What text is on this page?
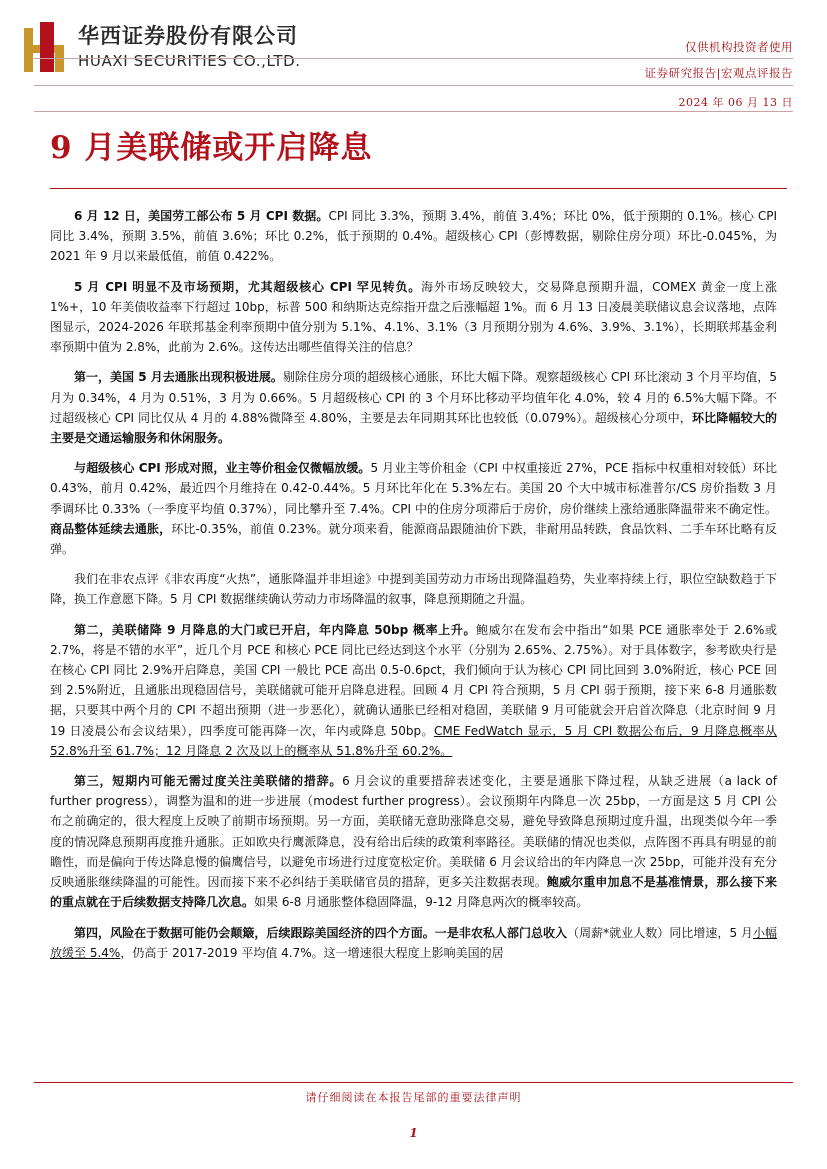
华西证券股份有限公司
HUAXI SECURITIES CO.,LTD.
仅供机构投资者使用
证券研究报告|宏观点评报告
2024 年 06 月 13 日
9 月美联储或开启降息

6 月 12 日，美国劳工部公布 5 月 CPI 数据。CPI 同比 3.3%，预期 3.4%，前值 3.4%；环比 0%，低于预期的 0.1%。核心 CPI 同比 3.4%，预期 3.5%，前值 3.6%；环比 0.2%，低于预期的 0.4%。超级核心 CPI（彭博数据，剔除住房分项）环比-0.045%，为 2021 年 9 月以来最低值，前值 0.422%。

5 月 CPI 明显不及市场预期，尤其超级核心 CPI 罕见转负。海外市场反映较大，交易降息预期升温，COMEX 黄金一度上涨 1%+，10 年美债收益率下行超过 10bp，标普 500 和纳斯达克综指开盘之后涨幅超 1%。而 6 月 13 日凌晨美联储议息会议落地，点阵图显示，2024-2026 年联邦基金利率预期中值分别为 5.1%、4.1%、3.1%（3 月预期分别为 4.6%、3.9%、3.1%），长期联邦基金利率预期中值为 2.8%，此前为 2.6%。这传达出哪些值得关注的信息？

第一，美国 5 月去通胀出现积极进展。剔除住房分项的超级核心通胀，环比大幅下降。观察超级核心 CPI 环比滚动 3 个月平均值，5 月为 0.34%，4 月为 0.51%，3 月为 0.66%。5 月超级核心 CPI 的 3 个月环比移动平均值年化 4.0%，较 4 月的 6.5%大幅下降。不过超级核心 CPI 同比仅从 4 月的 4.88%微降至 4.80%，主要是去年同期其环比也较低（0.079%）。超级核心分项中，环比降幅较大的主要是交通运输服务和休闲服务。

与超级核心 CPI 形成对照，业主等价租金仅微幅放缓。5 月业主等价租金（CPI 中权重接近 27%，PCE 指标中权重相对较低）环比 0.43%，前月 0.42%，最近四个月维持在 0.42-0.44%。5 月环比年化在 5.3%左右。美国 20 个大中城市标准普尔/CS 房价指数 3 月季调环比 0.33%（一季度平均值 0.37%），同比攀升至 7.4%。CPI 中的住房分项滞后于房价，房价继续上涨给通胀降温带来不确定性。商品整体延续去通胀，环比-0.35%，前值 0.23%。就分项来看，能源商品跟随油价下跌，非耐用品转跌，食品饮料、二手车环比略有反弹。

我们在非农点评《非农再度“火热”，通胀降温并非坦途》中提到美国劳动力市场出现降温趋势，失业率持续上行，职位空缺数趋于下降，换工作意愿下降。5 月 CPI 数据继续确认劳动力市场降温的叙事，降息预期随之升温。

第二，美联储降 9 月降息的大门或已开启，年内降息 50bp 概率上升。鲍威尔在发布会中指出“如果 PCE 通胀率处于 2.6%或 2.7%，将是不错的水平”，近几个月 PCE 和核心 PCE 同比已经达到这个水平（分别为 2.65%、2.75%）。对于具体数字，参考欧央行是在核心 CPI 同比 2.9%开启降息，美国 CPI 一般比 PCE 高出 0.5-0.6pct，我们倾向于认为核心 CPI 同比回到 3.0%附近，核心 PCE 回到 2.5%附近，且通胀出现稳固信号，美联储就可能开启降息进程。回顾 4 月 CPI 符合预期，5 月 CPI 弱于预期，接下来 6-8 月通胀数据，只要其中两个月的 CPI 不超出预期（进一步恶化），就确认通胀已经相对稳固，美联储 9 月可能就会开启首次降息（北京时间 9 月 19 日凌晨公布会议结果），四季度可能再降一次，年内或降息 50bp。CME FedWatch 显示，5 月 CPI 数据公布后，9 月降息概率从 52.8%升至 61.7%；12 月降息 2 次及以上的概率从 51.8%升至 60.2%。

第三，短期内可能无需过度关注美联储的措辞。6 月会议的重要措辞表述变化，主要是通胀下降过程，从缺乏进展（a lack of further progress），调整为温和的进一步进展（modest further progress）。会议预期年内降息一次 25bp，一方面是这 5 月 CPI 公布之前确定的，很大程度上反映了前期市场预期。另一方面，美联储无意助涨降息交易，避免导致降息预期过度升温，出现类似今年一季度的情况降息预期再度推升通胀。正如欧央行鹰派降息，没有给出后续的政策利率路径。美联储的情况也类似，点阵图不再具有明显的前瞻性，而是偏向于传达降息慢的偏鹰信号，以避免市场进行过度宽松定价。美联储 6 月会议给出的年内降息一次 25bp，可能并没有充分反映通胀继续降温的可能性。因而接下来不必纠结于美联储官员的措辞，更多关注数据表现。鲍威尔重申加息不是基准情景，那么接下来的重点就在于后续数据支持降几次息。如果 6-8 月通胀整体稳固降温，9-12 月降息两次的概率较高。

第四，风险在于数据可能仍会颠簸，后续跟踪美国经济的四个方面。一是非农私人部门总收入（周薪*就业人数）同比增速，5 月小幅放缓至 5.4%，仍高于 2017-2019 平均值 4.7%。这一增速很大程度上影响美国的居

请仔细阅读在本报告尾部的重要法律声明
1
